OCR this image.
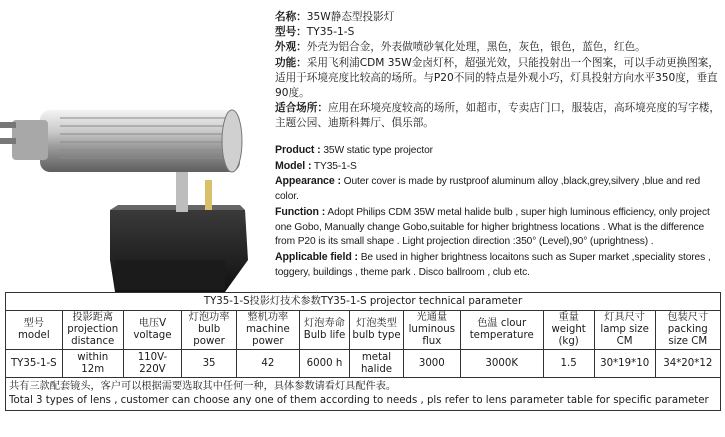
名称：35W静态型投影灯
型号：TY35-1-S
外观：外壳为铝合金，外表做喷砂氧化处理，黑色，灰色，银色，蓝色，红色。
功能：采用飞利浦CDM 35W金卤灯杯，超强光效，只能投射出一个图案，可以手动更换图案，适用于环境亮度比较高的场所。与P20不同的特点是外观小巧，灯具投射方向水平350度，垂直90度。
适合场所：应用在环境亮度较高的场所，如超市，专卖店门口，服装店，高环境亮度的写字楼，主题公园、迪斯科舞厅、俱乐部。
Product : 35W static type projector
Model : TY35-1-S
Appearance : Outer cover is made by rustproof aluminum alloy ,black,grey,silvery ,blue and red color.
Function : Adopt Philips CDM 35W metal halide bulb , super high luminous efficiency, only project one Gobo, Manually change Gobo,suitable for higher brightness locations . What is the difference from P20 is its small shape . Light projection direction :350° (Level),90° (uprightness) .
Applicable field : Be used in higher brightness locaitons such as Super market ,speciality stores , toggery, buildings , theme park . Disco ballroom , club etc.
TY35-1-S投影灯技术参数TY35-1-S projector technical parameter											
型号 model	投影距离 projection distance	电压V voltage	灯泡功率 bulb power	整机功率 machine power	灯泡寿命 Bulb life	灯泡类型 bulb type	光通量 luminous flux	色温 clour temperature	重量 weight (kg)	灯具尺寸 lamp size CM	包装尺寸 packing size CM
TY35-1-S	within 12m	110V-220V	35	42	6000 h	metal halide	3000	3000K	1.5	30*19*10	34*20*12

共有三款配套镜头，客户可以根据需要选取其中任何一种，具体参数请看灯具配件表。
Total 3 types of lens , customer can choose any one of them according to needs , pls refer to lens parameter table for specific parameter											
